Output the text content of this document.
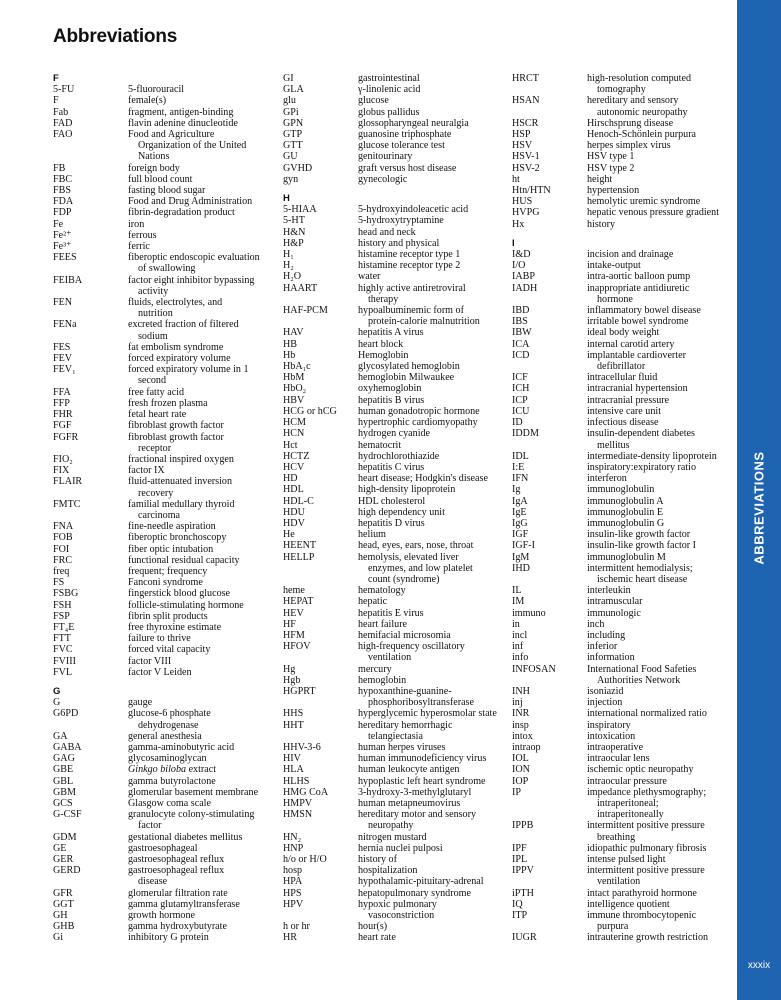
Abbreviations
F
5-FU	5-fluorouracil
F	female(s)
Fab	fragment, antigen-binding
FAD	flavin adenine dinucleotide
FAO	Food and Agriculture
Organization of the United
Nations
FB	foreign body
FBC	full blood count
FBS	fasting blood sugar
FDA	Food and Drug Administration
FDP	fibrin-degradation product
Fe	iron
Fe²⁺	ferrous
Fe³⁺	ferric
FEES	fiberoptic endoscopic evaluation
of swallowing
FEIBA	factor eight inhibitor bypassing
activity
FEN	fluids, electrolytes, and
nutrition
FENa	excreted fraction of filtered
sodium
FES	fat embolism syndrome
FEV	forced expiratory volume
FEV₁	forced expiratory volume in 1
second
FFA	free fatty acid
FFP	fresh frozen plasma
FHR	fetal heart rate
FGF	fibroblast growth factor
FGFR	fibroblast growth factor
receptor
FIO₂	fractional inspired oxygen
FIX	factor IX
FLAIR	fluid-attenuated inversion
recovery
FMTC	familial medullary thyroid
carcinoma
FNA	fine-needle aspiration
FOB	fiberoptic bronchoscopy
FOI	fiber optic intubation
FRC	functional residual capacity
freq	frequent; frequency
FS	Fanconi syndrome
FSBG	fingerstick blood glucose
FSH	follicle-stimulating hormone
FSP	fibrin split products
FT₄E	free thyroxine estimate
FTT	failure to thrive
FVC	forced vital capacity
FVIII	factor VIII
FVL	factor V Leiden
G
G	gauge
G6PD	glucose-6 phosphate
dehydrogenase
GA	general anesthesia
GABA	gamma-aminobutyric acid
GAG	glycosaminoglycan
GBE	Ginkgo biloba extract
GBL	gamma butyrolactone
GBM	glomerular basement membrane
GCS	Glasgow coma scale
G-CSF	granulocyte colony-stimulating
factor
GDM	gestational diabetes mellitus
GE	gastroesophageal
GER	gastroesophageal reflux
GERD	gastroesophageal reflux
disease
GFR	glomerular filtration rate
GGT	gamma glutamyltransferase
GH	growth hormone
GHB	gamma hydroxybutyrate
Gi	inhibitory G protein
GI	gastrointestinal
GLA	γ-linolenic acid
glu	glucose
GPi	globus pallidus
GPN	glossopharyngeal neuralgia
GTP	guanosine triphosphate
GTT	glucose tolerance test
GU	genitourinary
GVHD	graft versus host disease
gyn	gynecologic
H
5-HIAA	5-hydroxyindoleacetic acid
5-HT	5-hydroxytryptamine
H&N	head and neck
H&P	history and physical
H₁	histamine receptor type 1
H₂	histamine receptor type 2
H₂O	water
HAART	highly active antiretroviral
therapy
HAF-PCM	hypoalbuminemic form of
protein-calorie malnutrition
HAV	hepatitis A virus
HB	heart block
Hb	Hemoglobin
HbA₁c	glycosylated hemoglobin
HbM	hemoglobin Milwaukee
HbO₂	oxyhemoglobin
HBV	hepatitis B virus
HCG or hCG	human gonadotropic hormone
HCM	hypertrophic cardiomyopathy
HCN	hydrogen cyanide
Hct	hematocrit
HCTZ	hydrochlorothiazide
HCV	hepatitis C virus
HD	heart disease; Hodgkin's disease
HDL	high-density lipoprotein
HDL-C	HDL cholesterol
HDU	high dependency unit
HDV	hepatitis D virus
He	helium
HEENT	head, eyes, ears, nose, throat
HELLP	hemolysis, elevated liver
enzymes, and low platelet
count (syndrome)
heme	hematology
HEPAT	hepatic
HEV	hepatitis E virus
HF	heart failure
HFM	hemifacial microsomia
HFOV	high-frequency oscillatory
ventilation
Hg	mercury
Hgb	hemoglobin
HGPRT	hypoxanthine-guanine-
phosphoribosyltransferase
HHS	hyperglycemic hyperosmolar state
HHT	hereditary hemorrhagic
telangiectasia
HHV-3-6	human herpes viruses
HIV	human immunodeficiency virus
HLA	human leukocyte antigen
HLHS	hypoplastic left heart syndrome
HMG CoA	3-hydroxy-3-methylglutaryl
HMPV	human metapneumovirus
HMSN	hereditary motor and sensory
neuropathy
HN₂	nitrogen mustard
HNP	hernia nuclei pulposi
h/o or H/O	history of
hosp	hospitalization
HPA	hypothalamic-pituitary-adrenal
HPS	hepatopulmonary syndrome
HPV	hypoxic pulmonary
vasoconstriction
h or hr	hour(s)
HR	heart rate
HRCT	high-resolution computed
tomography
HSAN	hereditary and sensory
autonomic neuropathy
HSCR	Hirschsprung disease
HSP	Henoch-Schönlein purpura
HSV	herpes simplex virus
HSV-1	HSV type 1
HSV-2	HSV type 2
ht	height
Htn/HTN	hypertension
HUS	hemolytic uremic syndrome
HVPG	hepatic venous pressure gradient
Hx	history
I
I&D	incision and drainage
I/O	intake-output
IABP	intra-aortic balloon pump
IADH	inappropriate antidiuretic
hormone
IBD	inflammatory bowel disease
IBS	irritable bowel syndrome
IBW	ideal body weight
ICA	internal carotid artery
ICD	implantable cardioverter
defibrillator
ICF	intracellular fluid
ICH	intracranial hypertension
ICP	intracranial pressure
ICU	intensive care unit
ID	infectious disease
IDDM	insulin-dependent diabetes
mellitus
IDL	intermediate-density lipoprotein
I:E	inspiratory:expiratory ratio
IFN	interferon
Ig	immunoglobulin
IgA	immunoglobulin A
IgE	immunoglobulin E
IgG	immunoglobulin G
IGF	insulin-like growth factor
IGF-I	insulin-like growth factor I
IgM	immunoglobulin M
IHD	intermittent hemodialysis;
ischemic heart disease
IL	interleukin
IM	intramuscular
immuno	immunologic
in	inch
incl	including
inf	inferior
info	information
INFOSAN	International Food Safeties
Authorities Network
INH	isoniazid
inj	injection
INR	international normalized ratio
insp	inspiratory
intox	intoxication
intraop	intraoperative
IOL	intraocular lens
ION	ischemic optic neuropathy
IOP	intraocular pressure
IP	impedance plethysmography;
intraperitoneal;
intraperitoneally
IPPB	intermittent positive pressure
breathing
IPF	idiopathic pulmonary fibrosis
IPL	intense pulsed light
IPPV	intermittent positive pressure
ventilation
iPTH	intact parathyroid hormone
IQ	intelligence quotient
ITP	immune thrombocytopenic
purpura
IUGR	intrauterine growth restriction
ABBREVIATIONS
xxxix
